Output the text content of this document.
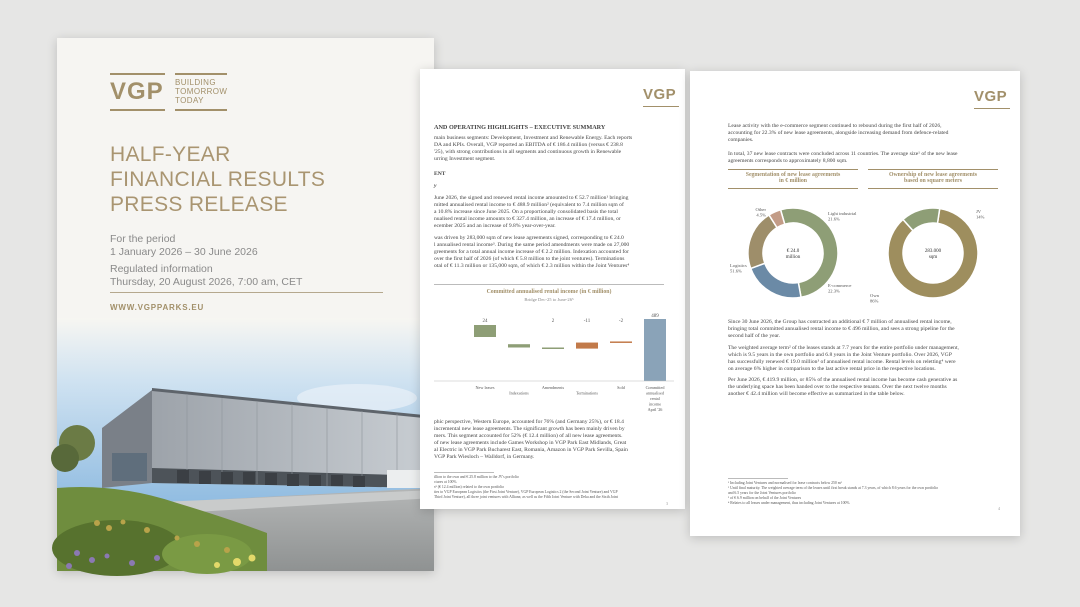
VGP BUILDING
TOMORROW
TODAY
HALF-YEAR
FINANCIAL RESULTS
PRESS RELEASE
For the period
1 January 2026 – 30 June 2026
Regulated information
Thursday, 20 August 2026, 7:00 am, CET
WWW.VGPPARKS.EU
VGP
AND OPERATING HIGHLIGHTS – EXECUTIVE SUMMARY
main business segments: Development, Investment and Renewable Energy. Each reports
DA and KPIs. Overall, VGP reported an EBITDA of € 186.4 million (versus € 238.8
'25), with strong contributions in all segments and continuous growth in Renewable
urring Investment segment.
ENT
y
June 2026, the signed and renewed rental income amounted to € 52.7 million¹ bringing
mitted annualised rental income to € 488.9 million² (equivalent to 7.4 million sqm of
a 10.8% increase since June 2025. On a proportionally consolidated basis the total
nualised rental income amounts to € 327.4 million, an increase of € 17.4 million, or
ecember 2025 and an increase of 9.8% year-over-year.
was driven by 283,000 sqm of new lease agreements signed, corresponding to € 24.0
l annualised rental income³. During the same period amendments were made on 27,000
greements for a total annual income increase of € 2.2 million. Indexation accounted for
over the first half of 2026 (of which € 5.8 million to the joint ventures). Terminations
otal of € 11.3 million or 135,000 sqm, of which € 2.3 million within the Joint Ventures⁴
Committed annualised rental income (in € million)
Bridge Dec-25 to June-26⁵
24	2	-11	-2
489
New leases
Indexations
Amendments
Terminations
Sold	Committed
annualised
rental
income
April '26
phic perspective, Western Europe, accounted for 76% (and Germany 25%), or € 18.4
incremental new lease agreements. The significant growth has been mainly driven by
mers. This segment accounted for 52% (€ 12.4 million) of all new lease agreements.
of new lease agreements include Games Workshop in VGP Park East Midlands, Great
al Electric in VGP Park Bucharest East, Romania, Amazon in VGP Park Sevilla, Spain
VGP Park Wiesloch – Walldorf, in Germany.
illion to the own and € 25.8 million to the JV's portfolio
ctures at 100%
s⁸ (€ 12.4 million) related to the own portfolio
ties to VGP European Logistics (the First Joint Venture), VGP European Logistics 2 (the Second Joint Venture) and VGP
Third Joint Venture), all three joint ventures with Allianz; as well as the Fifth Joint Venture with Deka and the Sixth Joint
3
VGP
Lease activity with the e-commerce segment continued to rebound during the first half of 2026,
accounting for 22.3% of new lease agreements, alongside increasing demand from defence-related
companies.
In total, 37 new lease contracts were concluded across 11 countries. The average size¹ of the new lease
agreements corresponds to approximately 8,800 sqm.
Segmentation of new lease agreements
in € million
Ownership of new lease agreements
based on square meters
Logistics
51.6%
E-commerce
22.3%
Light industrial
21.6%
Other
4.5%
€ 24.0
million
Own
86%
JV
14%
283.000
sqm
Since 30 June 2026, the Group has contracted an additional € 7 million of annualised rental income,
bringing total committed annualised rental income to € 496 million, and sees a strong pipeline for the
second half of the year.
The weighted average term² of the leases stands at 7.7 years for the entire portfolio under management,
which is 9.5 years in the own portfolio and 6.8 years in the Joint Venture portfolio. Over 2026, VGP
has successfully renewed € 19.0 million³ of annualised rental income. Rental levels on reletting⁴ were
on average 6% higher in comparison to the last active rental price in the respective locations.
Per June 2026, € 419.9 million, or 85% of the annualised rental income has become cash generative as
the underlying space has been handed over to the respective tenants. Over the next twelve months
another € 42.4 million will become effective as summarized in the table below.
¹ Including Joint Ventures and normalised for lease contracts below 250 m²
² Until final maturity. The weighted average term of the leases until first break stands at 7.3 years, of which 8.6 years for the own portfolio
and 6.5 years for the Joint Ventures portfolio
³ of € 6.9 million on behalf of the Joint Ventures
⁴ Relates to all leases under management, thus including Joint Ventures at 100%
4
